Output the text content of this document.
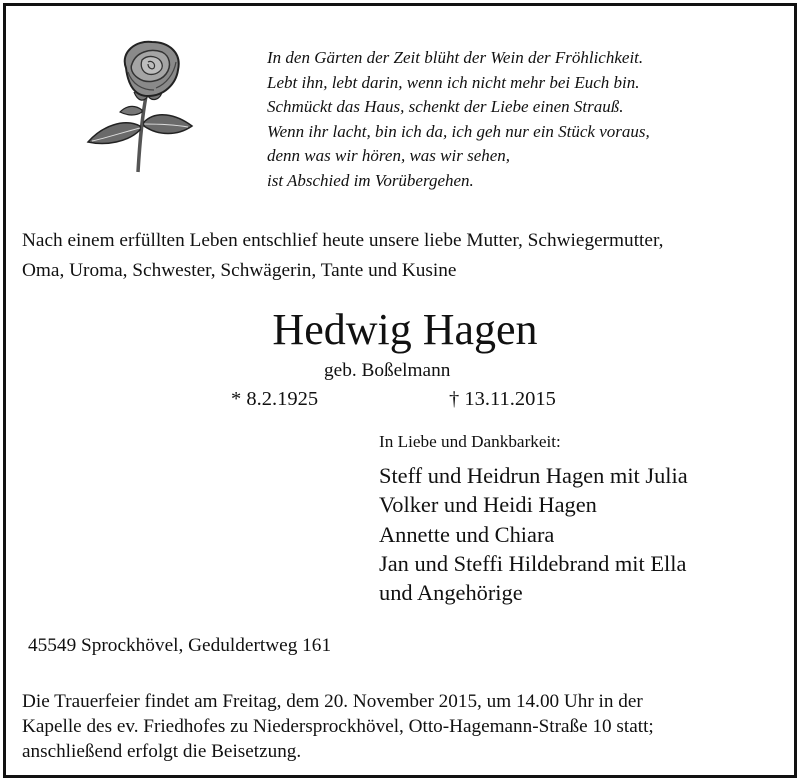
In den Gärten der Zeit blüht der Wein der Fröhlichkeit.
Lebt ihn, lebt darin, wenn ich nicht mehr bei Euch bin.
Schmückt das Haus, schenkt der Liebe einen Strauß.
Wenn ihr lacht, bin ich da, ich geh nur ein Stück voraus,
denn was wir hören, was wir sehen,
ist Abschied im Vorübergehen.
Nach einem erfüllten Leben entschlief heute unsere liebe Mutter, Schwiegermutter,
Oma, Uroma, Schwester, Schwägerin, Tante und Kusine
Hedwig Hagen
geb. Boßelmann
* 8.2.1925	† 13.11.2015
In Liebe und Dankbarkeit:
Steff und Heidrun Hagen mit Julia
Volker und Heidi Hagen
Annette und Chiara
Jan und Steffi Hildebrand mit Ella
und Angehörige
45549 Sprockhövel, Geduldertweg 161
Die Trauerfeier findet am Freitag, dem 20. November 2015, um 14.00 Uhr in der
Kapelle des ev. Friedhofes zu Niedersprockhövel, Otto-Hagemann-Straße 10 statt;
anschließend erfolgt die Beisetzung.
